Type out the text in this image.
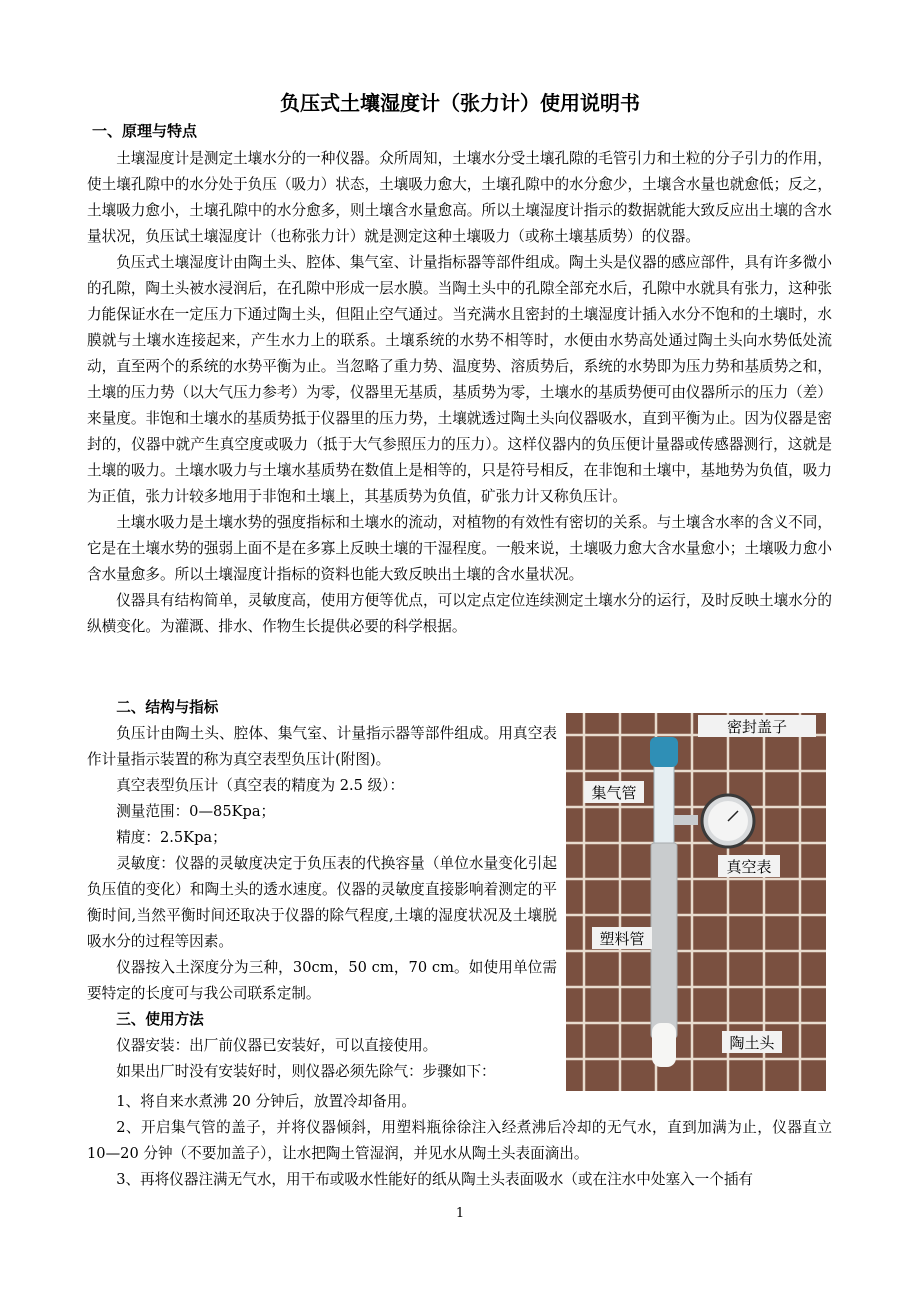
负压式土壤湿度计（张力计）使用说明书
一、原理与特点

土壤湿度计是测定土壤水分的一种仪器。众所周知，土壤水分受土壤孔隙的毛管引力和土粒的分子引力的作用，使土壤孔隙中的水分处于负压（吸力）状态，土壤吸力愈大，土壤孔隙中的水分愈少，土壤含水量也就愈低；反之，土壤吸力愈小，土壤孔隙中的水分愈多，则土壤含水量愈高。所以土壤湿度计指示的数据就能大致反应出土壤的含水量状况，负压试土壤湿度计（也称张力计）就是测定这种土壤吸力（或称土壤基质势）的仪器。

负压式土壤湿度计由陶土头、腔体、集气室、计量指标器等部件组成。陶土头是仪器的感应部件，具有许多微小的孔隙，陶土头被水浸润后，在孔隙中形成一层水膜。当陶土头中的孔隙全部充水后，孔隙中水就具有张力，这种张力能保证水在一定压力下通过陶土头，但阻止空气通过。当充满水且密封的土壤湿度计插入水分不饱和的土壤时，水膜就与土壤水连接起来，产生水力上的联系。土壤系统的水势不相等时，水便由水势高处通过陶土头向水势低处流动，直至两个的系统的水势平衡为止。当忽略了重力势、温度势、溶质势后，系统的水势即为压力势和基质势之和，土壤的压力势（以大气压力参考）为零，仪器里无基质，基质势为零，土壤水的基质势便可由仪器所示的压力（差）来量度。非饱和土壤水的基质势抵于仪器里的压力势，土壤就透过陶土头向仪器吸水，直到平衡为止。因为仪器是密封的，仪器中就产生真空度或吸力（抵于大气参照压力的压力）。这样仪器内的负压便计量器或传感器测行，这就是土壤的吸力。土壤水吸力与土壤水基质势在数值上是相等的，只是符号相反，在非饱和土壤中，基地势为负值，吸力为正值，张力计较多地用于非饱和土壤上，其基质势为负值，矿张力计又称负压计。

土壤水吸力是土壤水势的强度指标和土壤水的流动，对植物的有效性有密切的关系。与土壤含水率的含义不同，它是在土壤水势的强弱上面不是在多寡上反映土壤的干湿程度。一般来说，土壤吸力愈大含水量愈小；土壤吸力愈小含水量愈多。所以土壤湿度计指标的资料也能大致反映出土壤的含水量状况。

仪器具有结构简单，灵敏度高，使用方便等优点，可以定点定位连续测定土壤水分的运行，及时反映土壤水分的纵横变化。为灌溉、排水、作物生长提供必要的科学根据。

二、结构与指标

负压计由陶土头、腔体、集气室、计量指示器等部件组成。用真空表作计量指示装置的称为真空表型负压计(附图)。

真空表型负压计（真空表的精度为 2.5 级）：

测量范围：0—85Kpa；

精度：2.5Kpa；

灵敏度：仪器的灵敏度决定于负压表的代换容量（单位水量变化引起负压值的变化）和陶土头的透水速度。仪器的灵敏度直接影响着测定的平衡时间,当然平衡时间还取决于仪器的除气程度,土壤的湿度状况及土壤脱吸水分的过程等因素。

仪器按入土深度分为三种，30cm，50 cm，70 cm。如使用单位需要特定的长度可与我公司联系定制。

三、使用方法

仪器安装：出厂前仪器已安装好，可以直接使用。

如果出厂时没有安装好时，则仪器必须先除气：步骤如下：

1、将自来水煮沸 20 分钟后，放置冷却备用。

2、开启集气管的盖子，并将仪器倾斜，用塑料瓶徐徐注入经煮沸后冷却的无气水，直到加满为止，仪器直立 10—20 分钟（不要加盖子），让水把陶土管湿润，并见水从陶土头表面滴出。

3、再将仪器注满无气水，用干布或吸水性能好的纸从陶土头表面吸水（或在注水中处塞入一个插有

密封盖子
集气管
真空表
塑料管
陶土头
1
